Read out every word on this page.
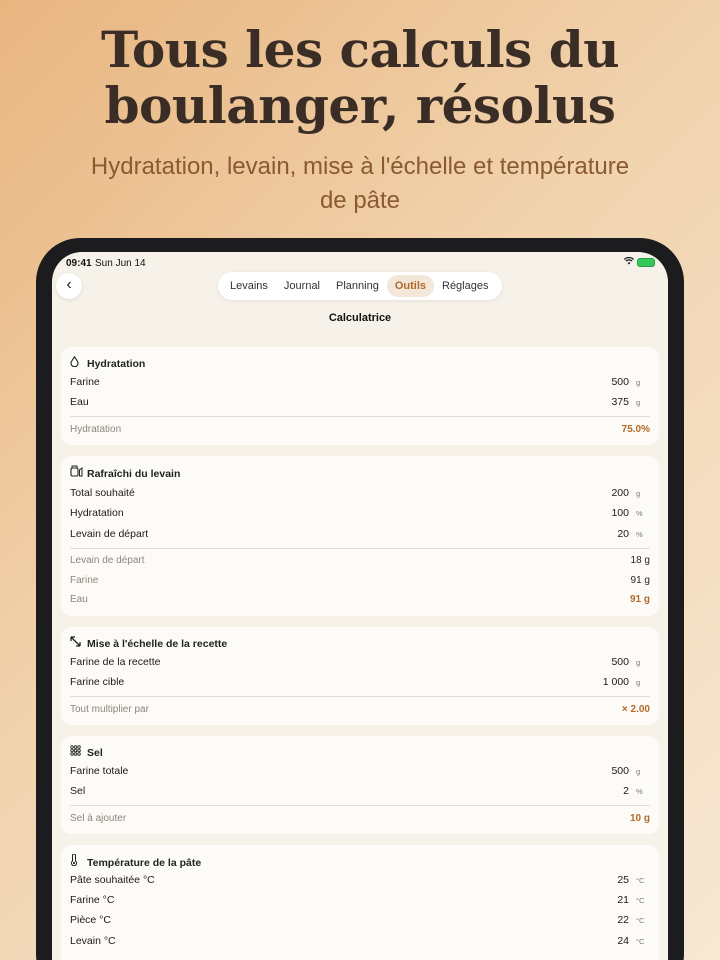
Tous les calculs du
boulanger, résolus
Hydratation, levain, mise à l'échelle et température
de pâte
09:41 Sun Jun 14
‹	Levains	Journal	Planning	Outils	Réglages
Calculatrice
Hydratation
Farine	500 g
Eau	375 g
Hydratation	75.0%
Rafraîchi du levain
Total souhaité	200 g
Hydratation	100 %
Levain de départ	20 %
Levain de départ	18 g
Farine	91 g
Eau	91 g
Mise à l'échelle de la recette
Farine de la recette	500 g
Farine cible	1 000 g
Tout multiplier par	× 2.00
Sel
Farine totale	500 g
Sel	2 %
Sel à ajouter	10 g
Température de la pâte
Pâte souhaitée °C	25 °C
Farine °C	21 °C
Pièce °C	22 °C
Levain °C	24 °C
